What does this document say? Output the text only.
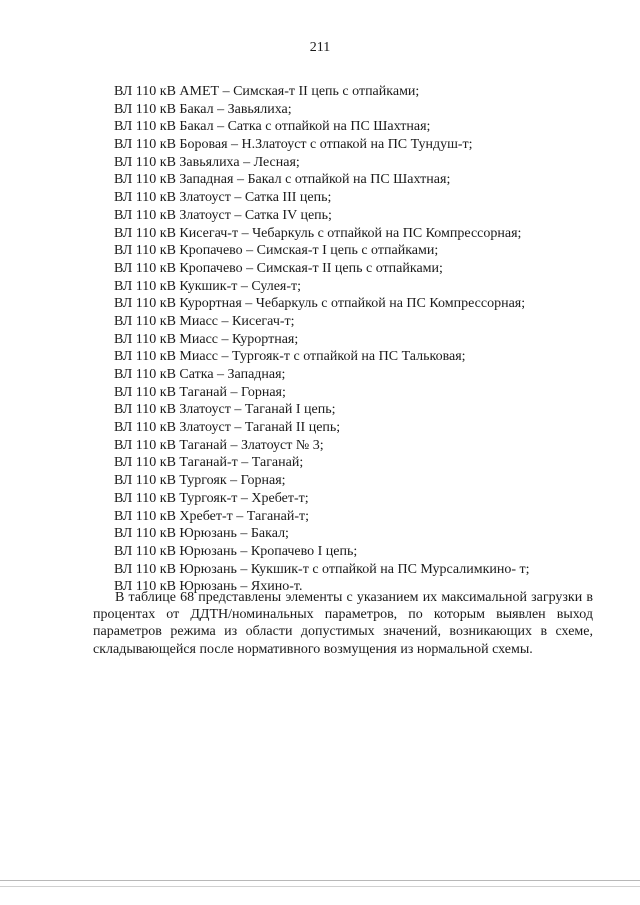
211
ВЛ 110 кВ АМЕТ – Симская-т II цепь с отпайками;
ВЛ 110 кВ Бакал – Завьялиха;
ВЛ 110 кВ Бакал – Сатка с отпайкой на ПС Шахтная;
ВЛ 110 кВ Боровая – Н.Златоуст с отпакой на ПС Тундуш-т;
ВЛ 110 кВ Завьялиха – Лесная;
ВЛ 110 кВ Западная – Бакал с отпайкой на ПС Шахтная;
ВЛ 110 кВ Златоуст – Сатка III цепь;
ВЛ 110 кВ Златоуст – Сатка IV цепь;
ВЛ 110 кВ Кисегач-т – Чебаркуль с отпайкой на ПС Компрессорная;
ВЛ 110 кВ Кропачево – Симская-т I цепь с отпайками;
ВЛ 110 кВ Кропачево – Симская-т II цепь с отпайками;
ВЛ 110 кВ Кукшик-т – Сулея-т;
ВЛ 110 кВ Курортная – Чебаркуль с отпайкой на ПС Компрессорная;
ВЛ 110 кВ Миасс – Кисегач-т;
ВЛ 110 кВ Миасс – Курортная;
ВЛ 110 кВ Миасс – Тургояк-т с отпайкой на ПС Тальковая;
ВЛ 110 кВ Сатка – Западная;
ВЛ 110 кВ Таганай – Горная;
ВЛ 110 кВ Златоуст – Таганай I цепь;
ВЛ 110 кВ Златоуст – Таганай II цепь;
ВЛ 110 кВ Таганай – Златоуст № 3;
ВЛ 110 кВ Таганай-т – Таганай;
ВЛ 110 кВ Тургояк – Горная;
ВЛ 110 кВ Тургояк-т – Хребет-т;
ВЛ 110 кВ Хребет-т – Таганай-т;
ВЛ 110 кВ Юрюзань – Бакал;
ВЛ 110 кВ Юрюзань – Кропачево I цепь;
ВЛ 110 кВ Юрюзань – Кукшик-т с отпайкой на ПС Мурсалимкино- т;
ВЛ 110 кВ Юрюзань – Яхино-т.

В таблице 68 представлены элементы с указанием их максимальной загрузки в процентах от ДДТН/номинальных параметров, по которым выявлен выход параметров режима из области допустимых значений, возникающих в схеме, складывающейся после нормативного возмущения из нормальной схемы.
